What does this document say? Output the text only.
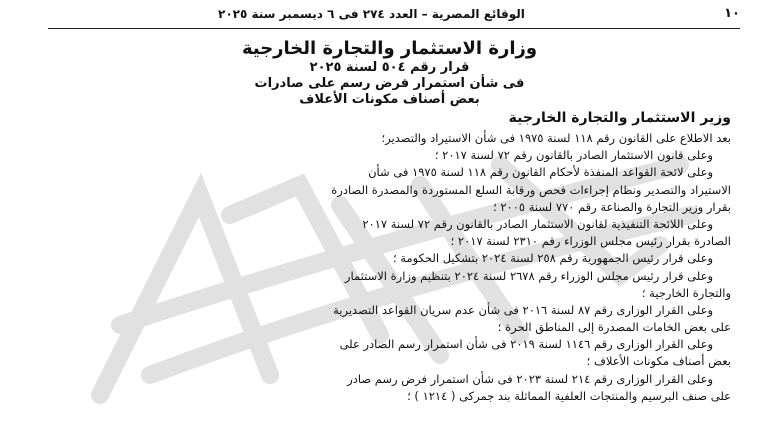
١٠
الوقائع المصرية – العدد ٢٧٤ فى ٦ ديسمبر سنة ٢٠٢٥
وزارة الاستثمار والتجارة الخارجية
قرار رقم ٥٠٤ لسنة ٢٠٢٥
فى شأن استمرار فرض رسم على صادرات
بعض أصناف مكونات الأعلاف
وزير الاستثمار والتجارة الخارجية
بعد الاطلاع على القانون رقم ١١٨ لسنة ١٩٧٥ فى شأن الاستيراد والتصدير؛
وعلى قانون الاستثمار الصادر بالقانون رقم ٧٢ لسنة ٢٠١٧ ؛
وعلى لائحة القواعد المنفذة لأحكام القانون رقم ١١٨ لسنة ١٩٧٥ فى شأن
الاستيراد والتصدير ونظام إجراءات فحص ورقابة السلع المستوردة والمصدرة الصادرة
بقرار وزير التجارة والصناعة رقم ٧٧٠ لسنة ٢٠٠٥ ؛
وعلى اللائحة التنفيذية لقانون الاستثمار الصادر بالقانون رقم ٧٢ لسنة ٢٠١٧
الصادرة بقرار رئيس مجلس الوزراء رقم ٢٣١٠ لسنة ٢٠١٧ ؛
وعلى قرار رئيس الجمهورية رقم ٢٥٨ لسنة ٢٠٢٤ بتشكيل الحكومة ؛
وعلى قرار رئيس مجلس الوزراء رقم ٢٦٧٨ لسنة ٢٠٢٤ بتنظيم وزارة الاستثمار
والتجارة الخارجية ؛
وعلى القرار الوزارى رقم ٨٧ لسنة ٢٠١٦ فى شأن عدم سريان القواعد التصديرية
على بعض الخامات المصدرة إلى المناطق الحرة ؛
وعلى القرار الوزارى رقم ١١٤٦ لسنة ٢٠١٩ فى شأن استمرار رسم الصادر على
بعض أصناف مكونات الأعلاف ؛
وعلى القرار الوزارى رقم ٢١٤ لسنة ٢٠٢٣ فى شأن استمرار فرض رسم صادر
على صنف البرسيم والمنتجات العلفية المماثلة بند جمركى ( ١٢١٤ ) ؛
